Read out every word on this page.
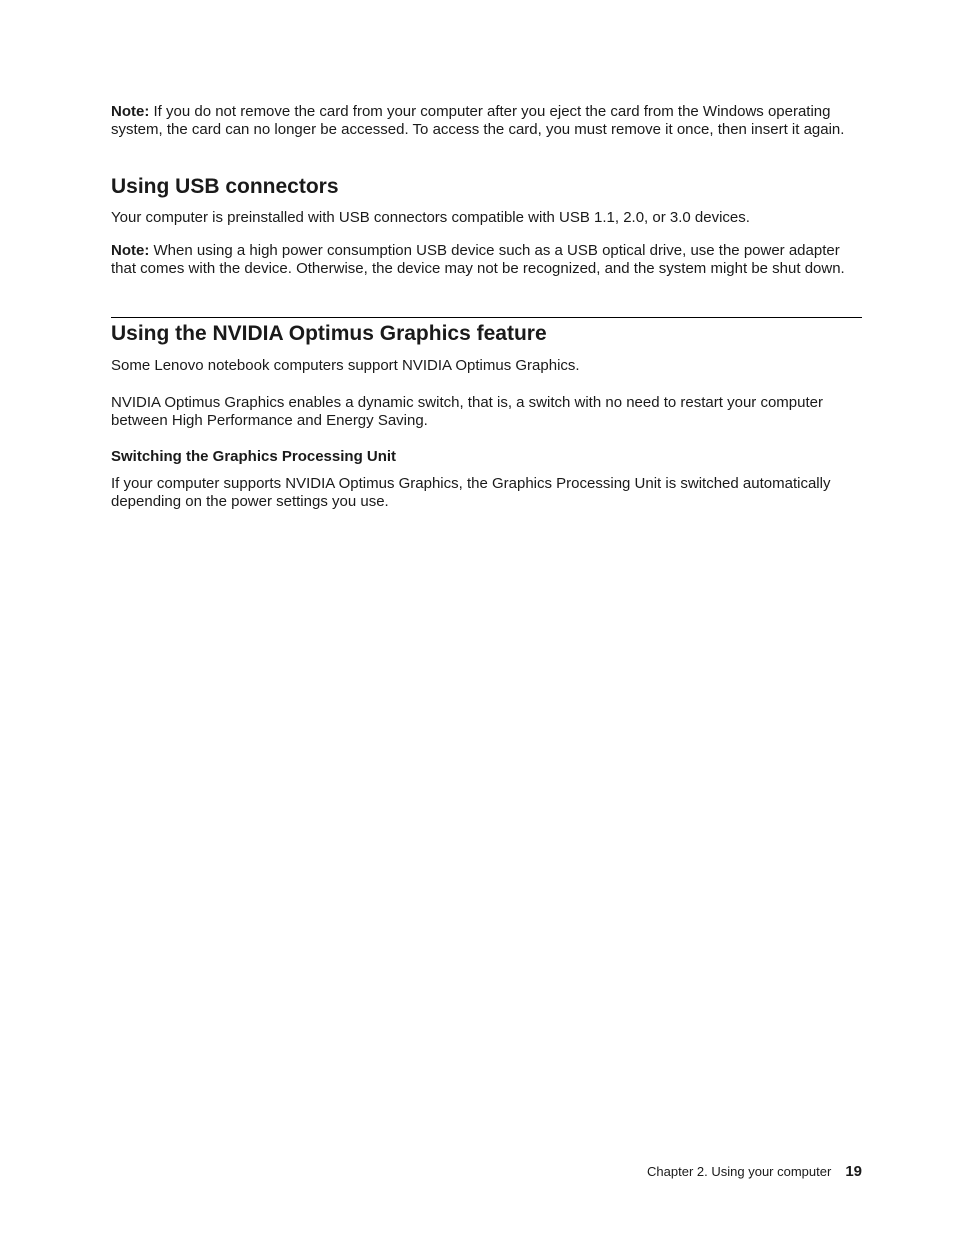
Note: If you do not remove the card from your computer after you eject the card from the Windows operating system, the card can no longer be accessed. To access the card, you must remove it once, then insert it again.

Using USB connectors

Your computer is preinstalled with USB connectors compatible with USB 1.1, 2.0, or 3.0 devices.

Note: When using a high power consumption USB device such as a USB optical drive, use the power adapter that comes with the device. Otherwise, the device may not be recognized, and the system might be shut down.

Using the NVIDIA Optimus Graphics feature

Some Lenovo notebook computers support NVIDIA Optimus Graphics.

NVIDIA Optimus Graphics enables a dynamic switch, that is, a switch with no need to restart your computer between High Performance and Energy Saving.

Switching the Graphics Processing Unit

If your computer supports NVIDIA Optimus Graphics, the Graphics Processing Unit is switched automatically depending on the power settings you use.

Chapter 2. Using your computer 19
